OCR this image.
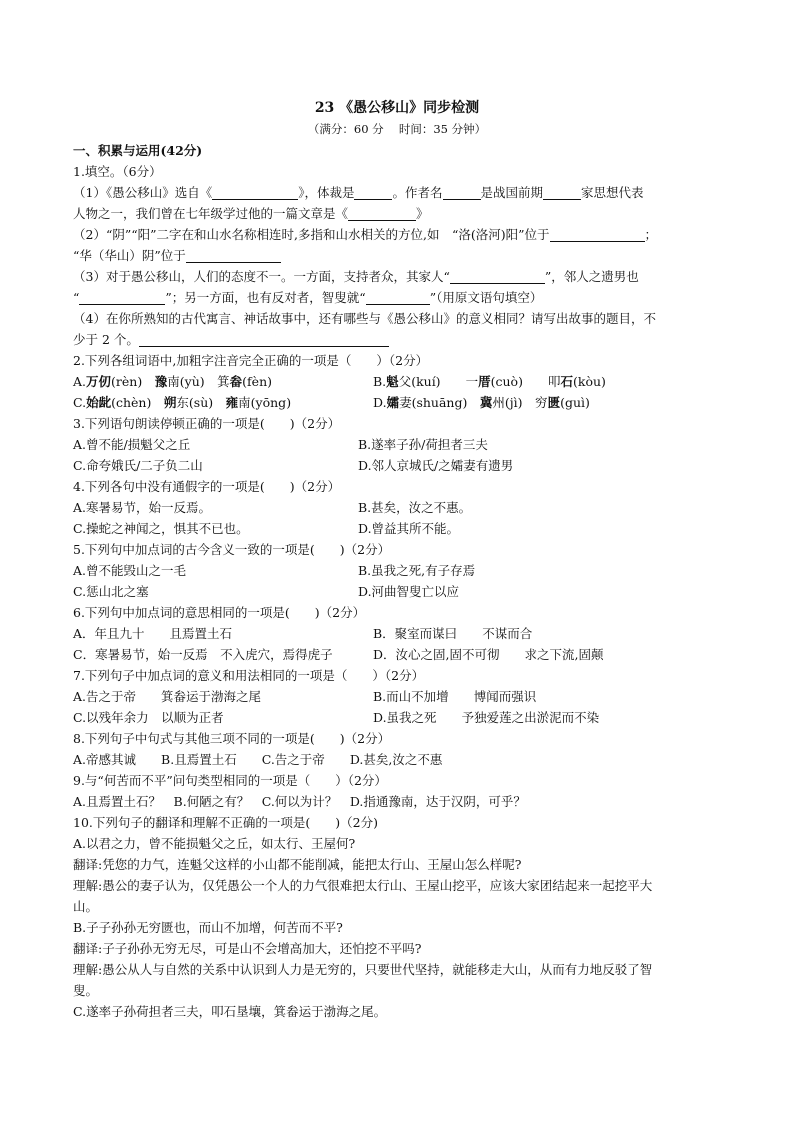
23 《愚公移山》同步检测
（满分：60 分　 时间：35 分钟）
一、积累与运用(42分)
1.填空。（6分）
（1）《愚公移山》选自《	》，体裁是	。作者名	是战国前期	家思想代表
人物之一，我们曾在七年级学过他的一篇文章是《	》
（2）“阴”“阳”二字在和山水名称相连时,多指和山水相关的方位,如　“洛(洛河)阳”位于	；
“华（华山）阴”位于
（3）对于愚公移山，人们的态度不一。一方面，支持者众，其家人“	”，邻人之遗男也
“	”；另一方面，也有反对者，智叟就“	”（用原文语句填空）
（4）在你所熟知的古代寓言、神话故事中，还有哪些与《愚公移山》的意义相同？请写出故事的题目，不
少于 2 个。
2.下列各组词语中,加粗字注音完全正确的一项是（　　）（2分）
A.万仞(rèn)　 豫南(yù)　 箕畚(fèn)	B.魁父(kuí)　　 一厝(cuò)　　 叩石(kòu)
C.始龀(chèn)　 朔东(sù)　 雍南(yōng)	D.孀妻(shuāng)　 冀州(jì)　 穷匮(guì)
3.下列语句朗读停顿正确的一项是(　　)（2分）
A.曾不能/损魁父之丘	B.遂率子孙/荷担者三夫
C.命夸娥氏/二子负二山	D.邻人京城氏/之孀妻有遗男
4.下列各句中没有通假字的一项是(　　)（2分）
A.寒暑易节，始一反焉。	B.甚矣，汝之不惠。
C.操蛇之神闻之，惧其不已也。	D.曾益其所不能。
5.下列句中加点词的古今含义一致的一项是(　　)（2分）
A.曾不能毁山之一毛	B.虽我之死,有子存焉
C.惩山北之塞	D.河曲智叟亡以应
6.下列句中加点词的意思相同的一项是(　　)（2分）
A．年且九十　　 且焉置土石	B．聚室而谋曰　　 不谋而合
C．寒暑易节，始一反焉　 不入虎穴，焉得虎子	D．汝心之固,固不可彻　　 求之下流,固颠
7.下列句子中加点词的意义和用法相同的一项是（　　）（2分）
A.告之于帝　　 箕畚运于渤海之尾	B.而山不加增　　 博闻而强识
C.以残年余力　 以顺为正者	D.虽我之死　　 予独爱莲之出淤泥而不染
8.下列句子中句式与其他三项不同的一项是(　　)（2分）
A.帝感其诚　　 B.且焉置土石　　 C.告之于帝　　 D.甚矣,汝之不惠
9.与“何苦而不平”问句类型相同的一项是（　　）（2分）
A.且焉置土石？　 B.何陋之有？　 C.何以为计？　 D.指通豫南，达于汉阴，可乎？
10.下列句子的翻译和理解不正确的一项是(　　)（2分)
A.以君之力，曾不能损魁父之丘，如太行、王屋何?
翻译:凭您的力气，连魁父这样的小山都不能削减，能把太行山、王屋山怎么样呢?
理解:愚公的妻子认为，仅凭愚公一个人的力气很难把太行山、王屋山挖平，应该大家团结起来一起挖平大
山。
B.子子孙孙无穷匮也，而山不加增，何苦而不平?
翻译:子子孙孙无穷无尽，可是山不会增高加大，还怕挖不平吗?
理解:愚公从人与自然的关系中认识到人力是无穷的，只要世代坚持，就能移走大山，从而有力地反驳了智
叟。
C.遂率子孙荷担者三夫，叩石垦壤，箕畚运于渤海之尾。
